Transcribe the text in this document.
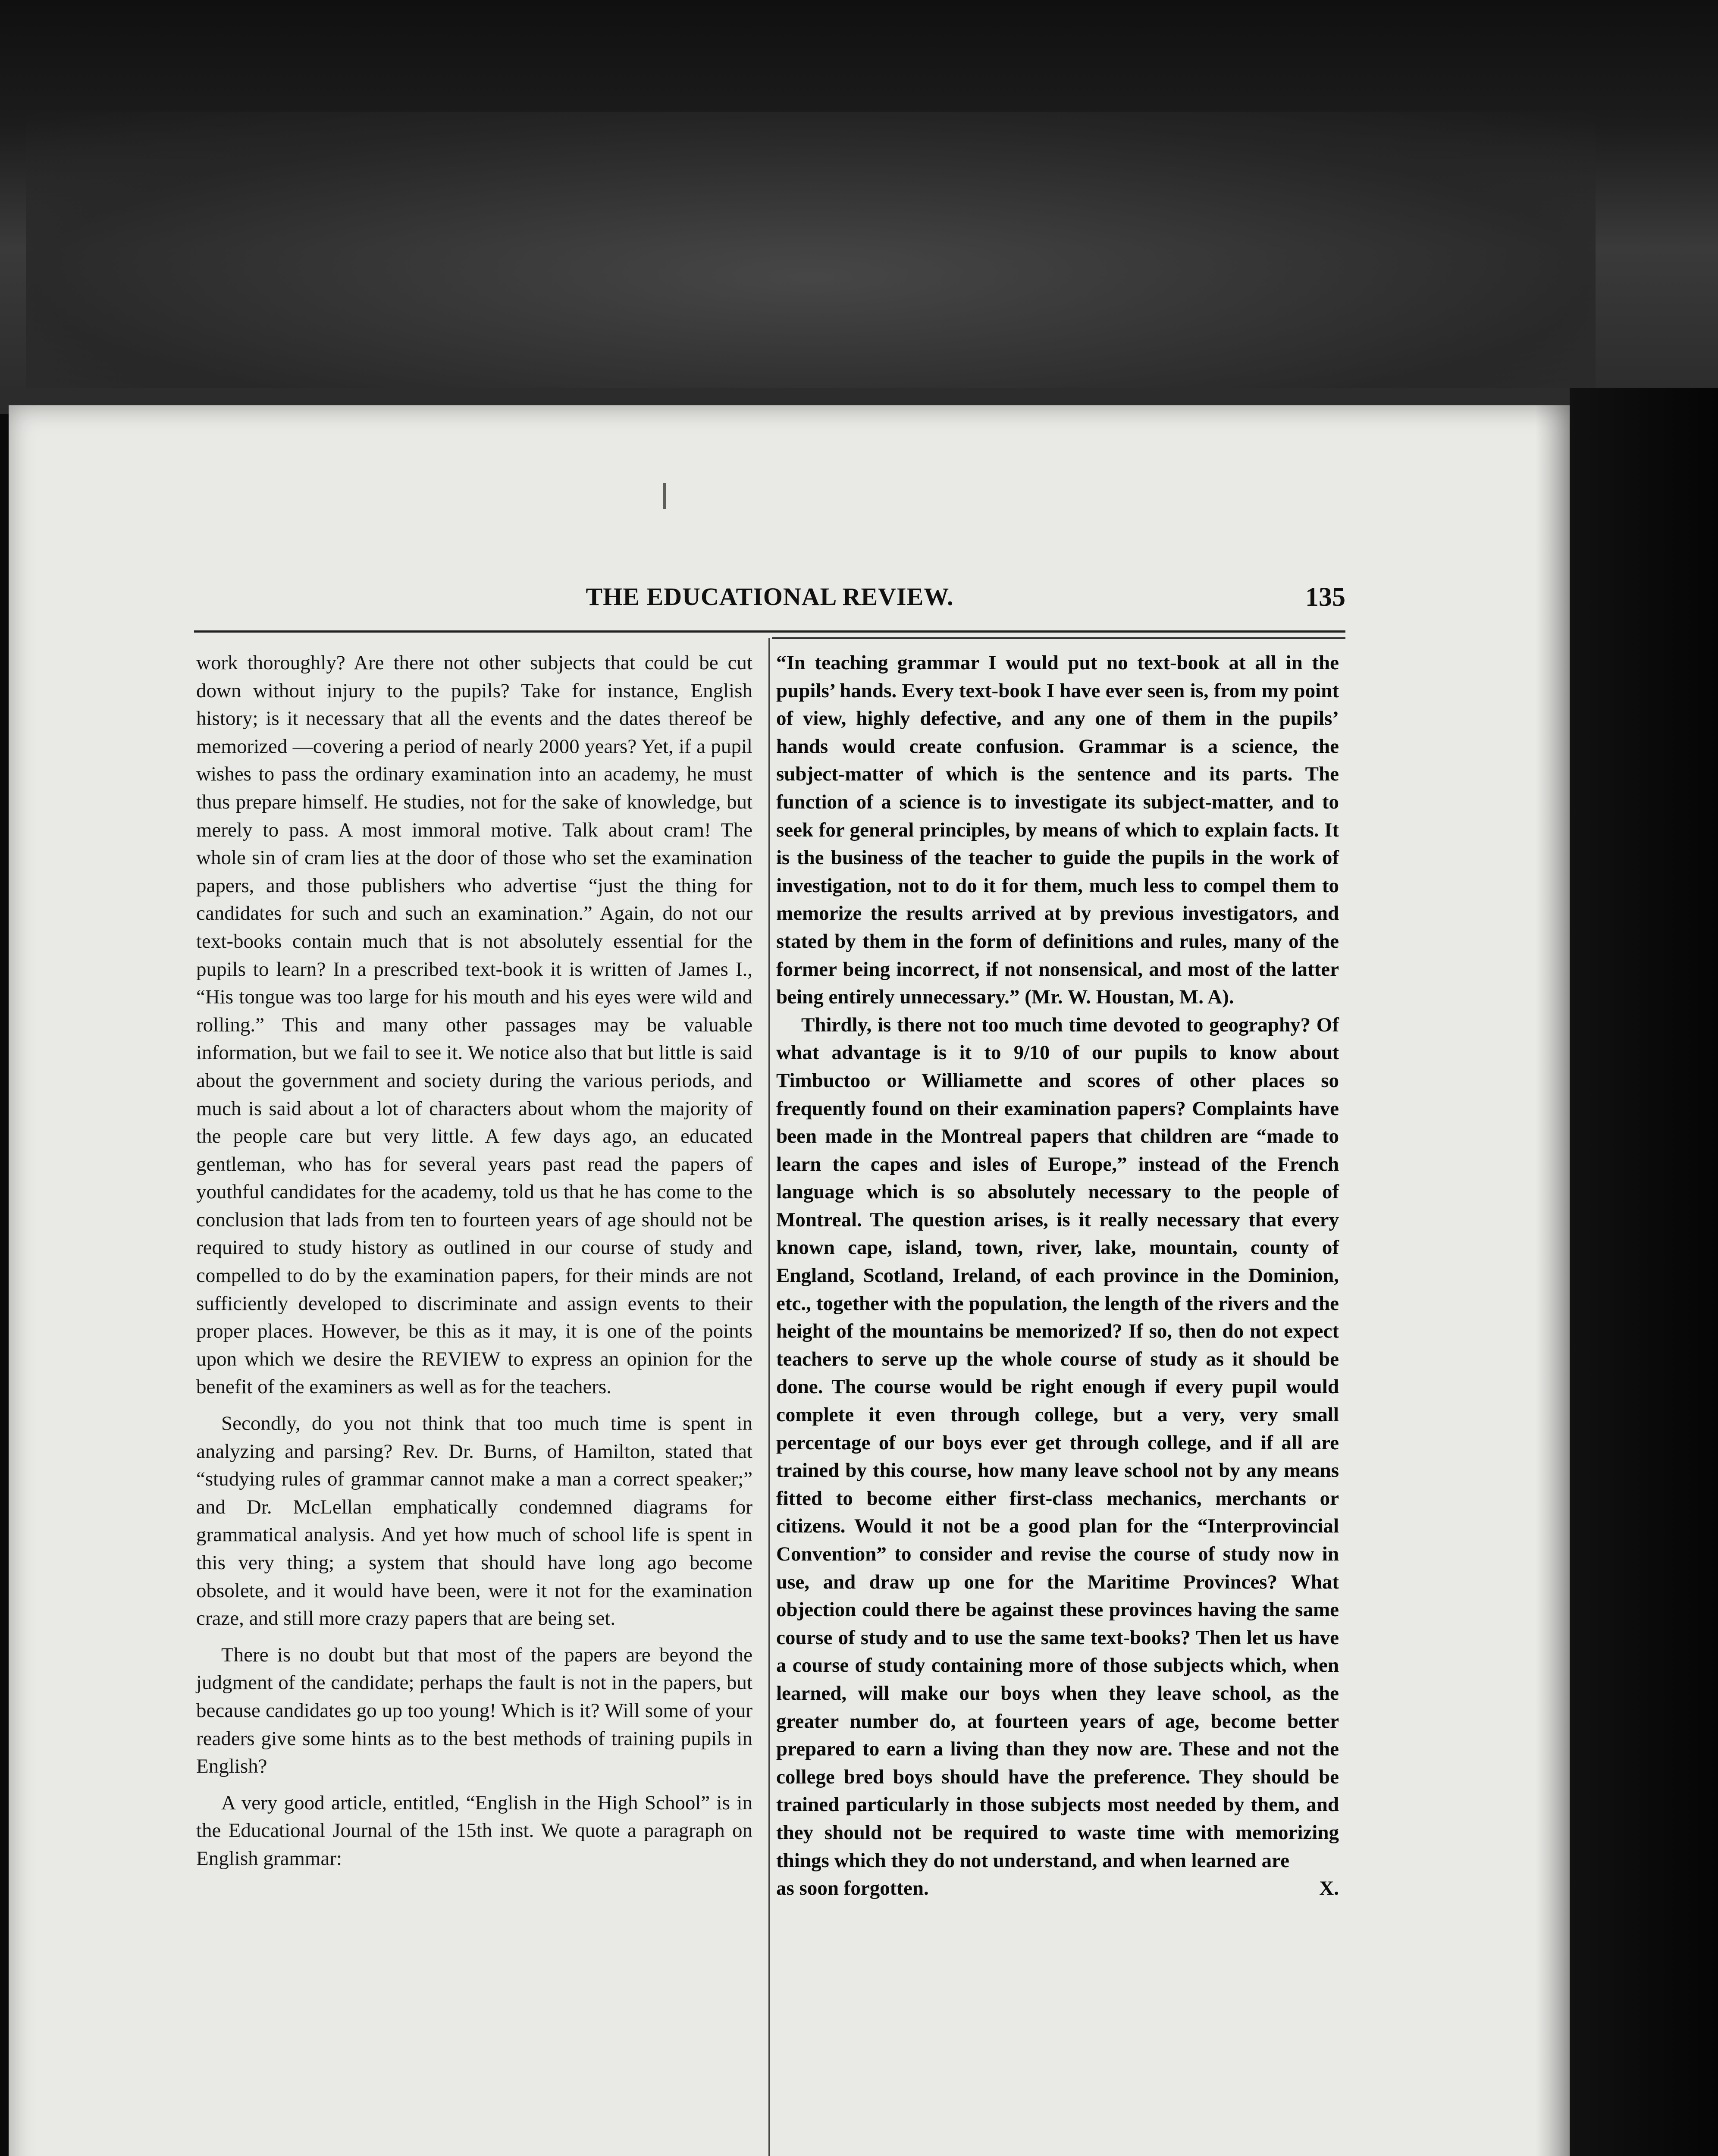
THE EDUCATIONAL REVIEW.	135

work thoroughly? Are there not other subjects that could be cut down without injury to the pupils? Take for instance, English history; is it necessary that all the events and the dates thereof be memorized —covering a period of nearly 2000 years? Yet, if a pupil wishes to pass the ordinary examination into an academy, he must thus prepare himself. He studies, not for the sake of knowledge, but merely to pass. A most immoral motive. Talk about cram! The whole sin of cram lies at the door of those who set the examination papers, and those publishers who advertise “just the thing for candidates for such and such an examination.” Again, do not our text-books contain much that is not absolutely essential for the pupils to learn? In a prescribed text-book it is written of James I., “His tongue was too large for his mouth and his eyes were wild and rolling.” This and many other passages may be valuable information, but we fail to see it. We notice also that but little is said about the government and society during the various periods, and much is said about a lot of characters about whom the majority of the people care but very little. A few days ago, an educated gentleman, who has for several years past read the papers of youthful candidates for the academy, told us that he has come to the conclusion that lads from ten to fourteen years of age should not be required to study history as outlined in our course of study and compelled to do by the examination papers, for their minds are not sufficiently developed to discriminate and assign events to their proper places. However, be this as it may, it is one of the points upon which we desire the REVIEW to express an opinion for the benefit of the examiners as well as for the teachers.

Secondly, do you not think that too much time is spent in analyzing and parsing? Rev. Dr. Burns, of Hamilton, stated that “studying rules of grammar cannot make a man a correct speaker;” and Dr. McLellan emphatically condemned diagrams for grammatical analysis. And yet how much of school life is spent in this very thing; a system that should have long ago become obsolete, and it would have been, were it not for the examination craze, and still more crazy papers that are being set.

There is no doubt but that most of the papers are beyond the judgment of the candidate; perhaps the fault is not in the papers, but because candidates go up too young! Which is it? Will some of your readers give some hints as to the best methods of training pupils in English?

A very good article, entitled, “English in the High School” is in the Educational Journal of the 15th inst. We quote a paragraph on English grammar:

“In teaching grammar I would put no text-book at all in the pupils’ hands. Every text-book I have ever seen is, from my point of view, highly defective, and any one of them in the pupils’ hands would create confusion. Grammar is a science, the subject-matter of which is the sentence and its parts. The function of a science is to investigate its subject-matter, and to seek for general principles, by means of which to explain facts. It is the business of the teacher to guide the pupils in the work of investigation, not to do it for them, much less to compel them to memorize the results arrived at by previous investigators, and stated by them in the form of definitions and rules, many of the former being incorrect, if not nonsensical, and most of the latter being entirely unnecessary.” (Mr. W. Houstan, M. A).

Thirdly, is there not too much time devoted to geography? Of what advantage is it to 9/10 of our pupils to know about Timbuctoo or Williamette and scores of other places so frequently found on their examination papers? Complaints have been made in the Montreal papers that children are “made to learn the capes and isles of Europe,” instead of the French language which is so absolutely necessary to the people of Montreal. The question arises, is it really necessary that every known cape, island, town, river, lake, mountain, county of England, Scotland, Ireland, of each province in the Dominion, etc., together with the population, the length of the rivers and the height of the mountains be memorized? If so, then do not expect teachers to serve up the whole course of study as it should be done. The course would be right enough if every pupil would complete it even through college, but a very, very small percentage of our boys ever get through college, and if all are trained by this course, how many leave school not by any means fitted to become either first-class mechanics, merchants or citizens. Would it not be a good plan for the “Interprovincial Convention” to consider and revise the course of study now in use, and draw up one for the Maritime Provinces? What objection could there be against these provinces having the same course of study and to use the same text-books? Then let us have a course of study containing more of those subjects which, when learned, will make our boys when they leave school, as the greater number do, at fourteen years of age, become better prepared to earn a living than they now are. These and not the college bred boys should have the preference. They should be trained particularly in those subjects most needed by them, and they should not be required to waste time with memorizing things which they do not understand, and when learned are

as soon forgotten.	X.
